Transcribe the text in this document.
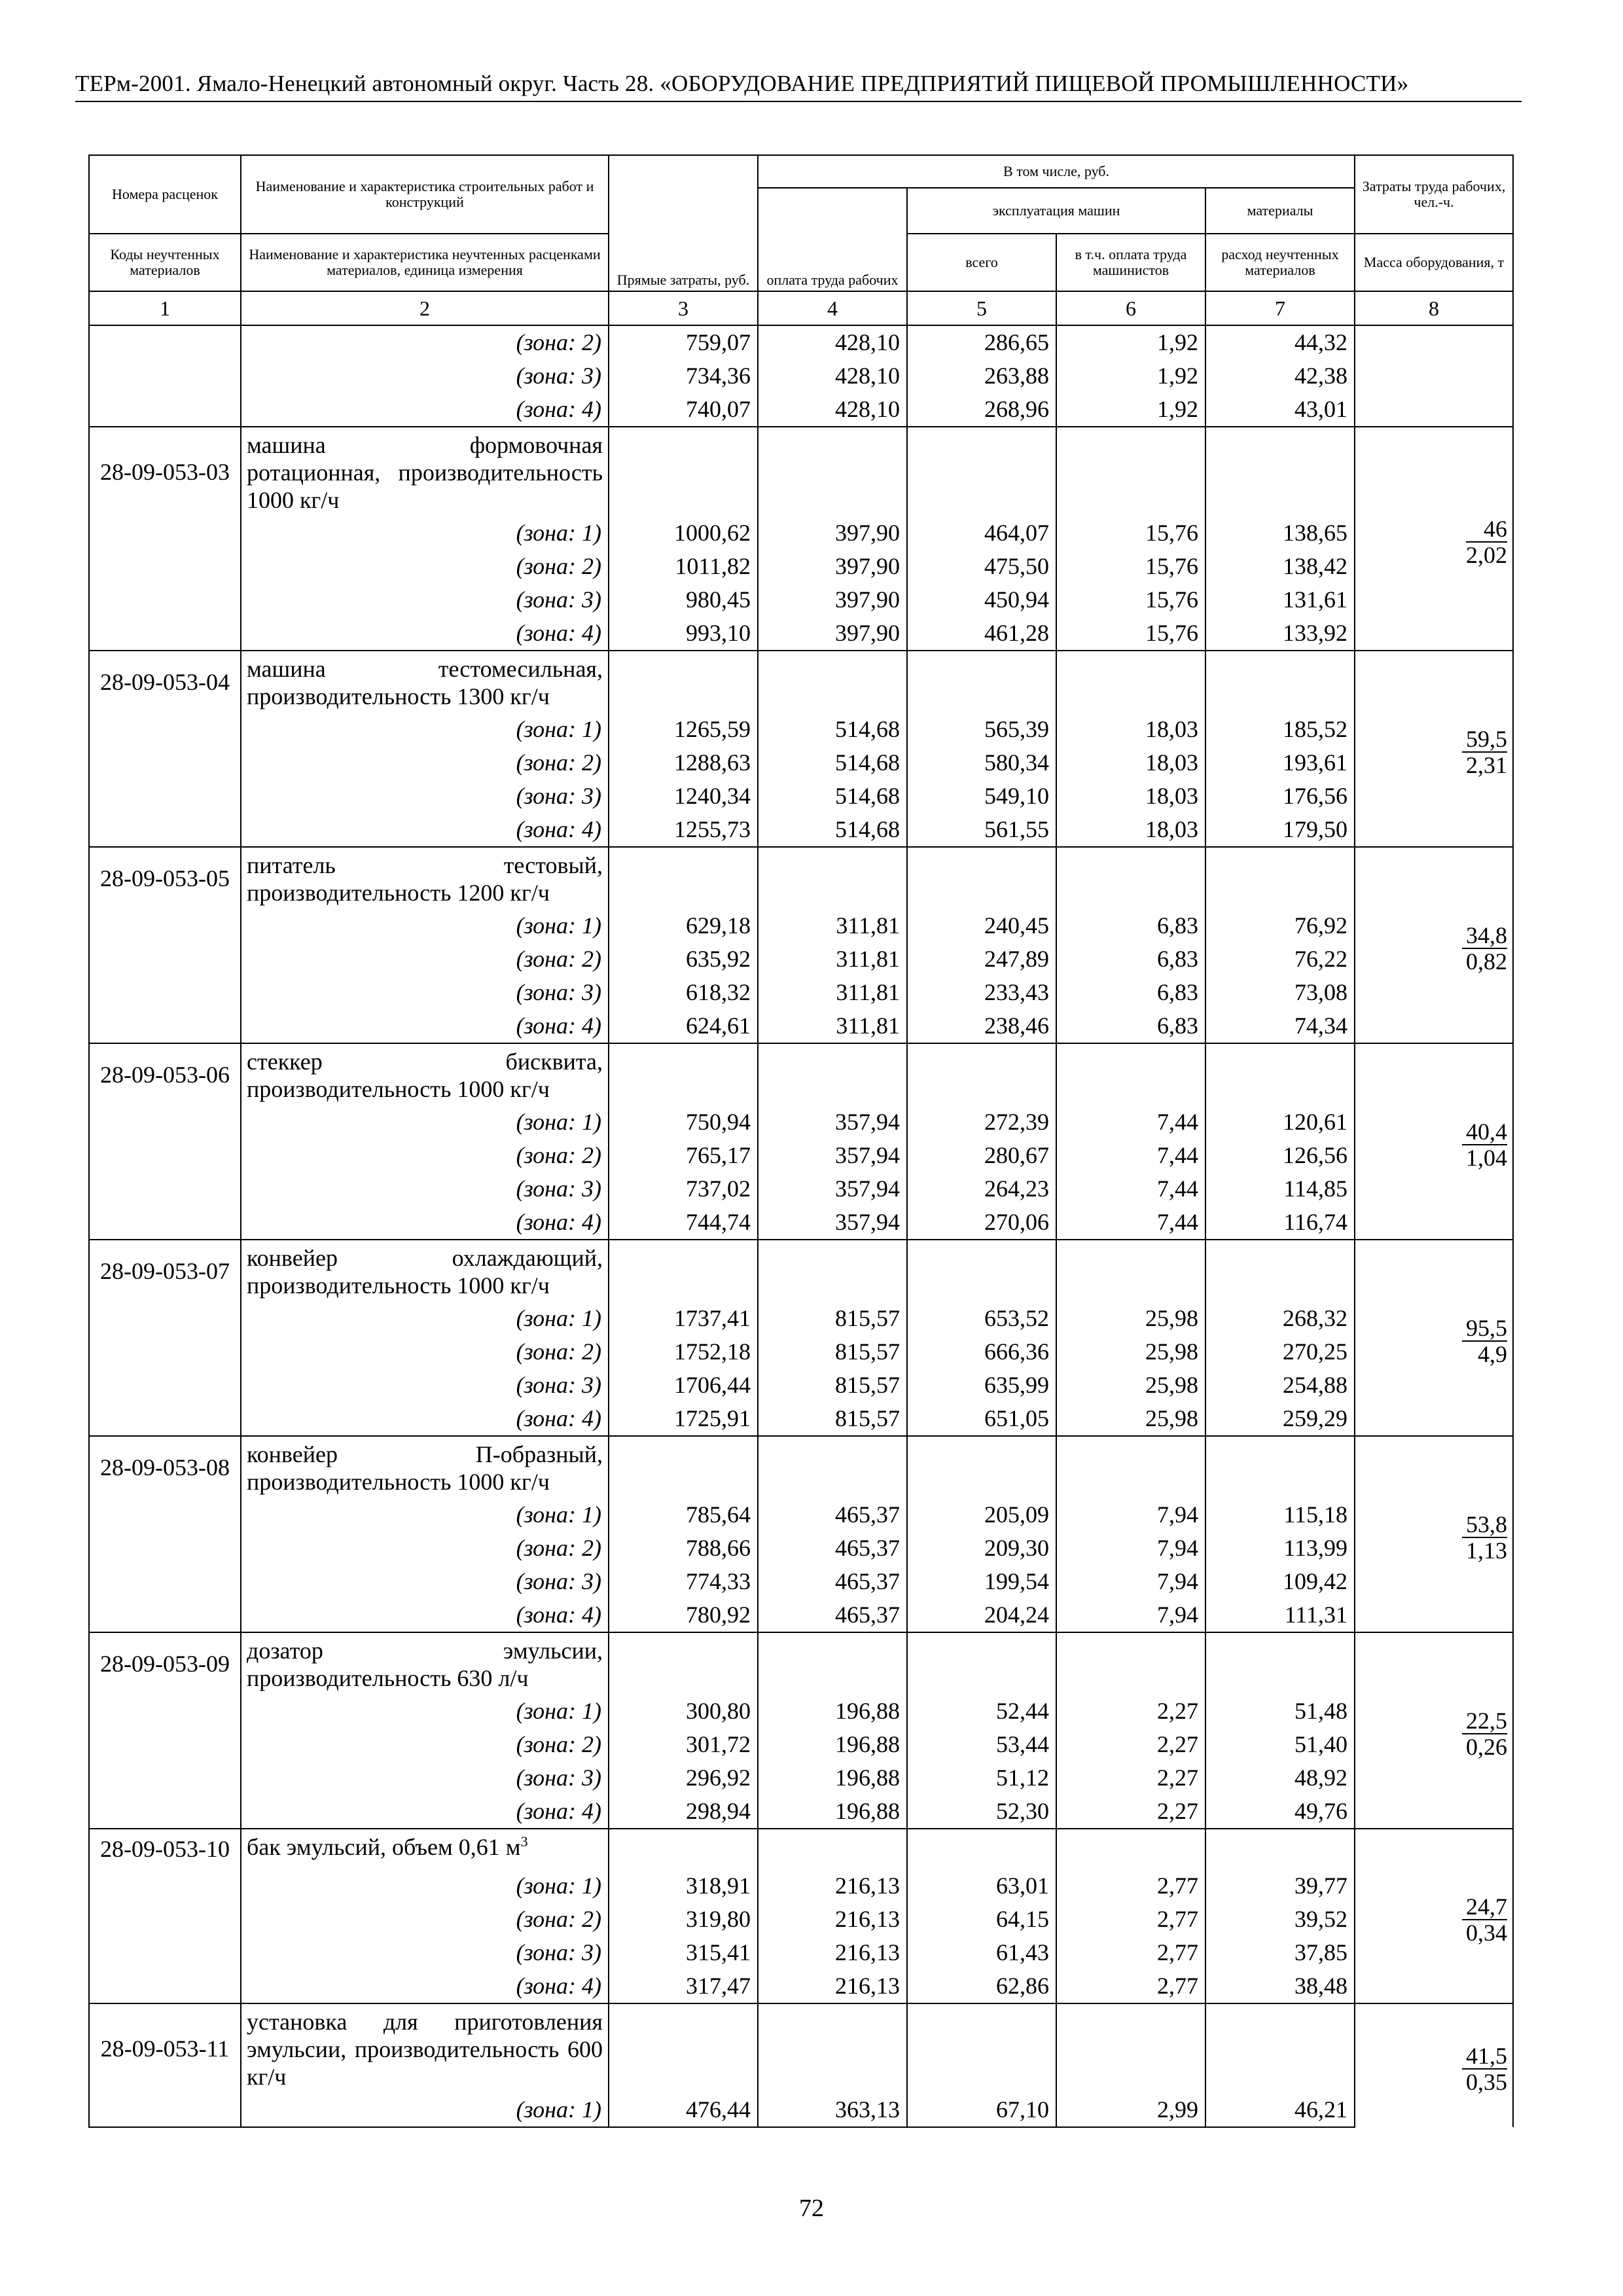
ТЕРм-2001. Ямало-Ненецкий автономный округ. Часть 28. «ОБОРУДОВАНИЕ ПРЕДПРИЯТИЙ ПИЩЕВОЙ ПРОМЫШЛЕННОСТИ»
Номера расценок	Наименование и характеристика строительных работ и конструкций	Прямые затраты, руб.	В том числе, руб.				Затраты труда рабочих, чел.-ч.
			оплата труда рабочих	эксплуатация машин		материалы	

Коды неучтенных материалов	Наименование и характеристика неучтенных расценками материалов, единица измерения			всего	в т.ч. оплата труда машинистов	расход неучтенных материалов	Масса оборудования, т

1	2	3	4	5	6	7	8
	(зона: 2)	759,07	428,10	286,65	1,92	44,32	
	(зона: 3)	734,36	428,10	263,88	1,92	42,38	
	(зона: 4)	740,07	428,10	268,96	1,92	43,01	
28-09-053-03	машина формовочная ротационная, производительность 1000 кг/ч						$\frac{46}{2,02}$

	(зона: 1)	1000,62	397,90	464,07	15,76	138,65	
	(зона: 2)	1011,82	397,90	475,50	15,76	138,42	
	(зона: 3)	980,45	397,90	450,94	15,76	131,61	
	(зона: 4)	993,10	397,90	461,28	15,76	133,92	
28-09-053-04	машина тестомесильная, производительность 1300 кг/ч						$\frac{59,5}{2,31}$

	(зона: 1)	1265,59	514,68	565,39	18,03	185,52	
	(зона: 2)	1288,63	514,68	580,34	18,03	193,61	
	(зона: 3)	1240,34	514,68	549,10	18,03	176,56	
	(зона: 4)	1255,73	514,68	561,55	18,03	179,50	
28-09-053-05	питатель тестовый, производительность 1200 кг/ч						$\frac{34,8}{0,82}$

	(зона: 1)	629,18	311,81	240,45	6,83	76,92	
	(зона: 2)	635,92	311,81	247,89	6,83	76,22	
	(зона: 3)	618,32	311,81	233,43	6,83	73,08	
	(зона: 4)	624,61	311,81	238,46	6,83	74,34	
28-09-053-06	стеккер бисквита, производительность 1000 кг/ч						$\frac{40,4}{1,04}$

	(зона: 1)	750,94	357,94	272,39	7,44	120,61	
	(зона: 2)	765,17	357,94	280,67	7,44	126,56	
	(зона: 3)	737,02	357,94	264,23	7,44	114,85	
	(зона: 4)	744,74	357,94	270,06	7,44	116,74	
28-09-053-07	конвейер охлаждающий, производительность 1000 кг/ч						$\frac{95,5}{4,9}$

	(зона: 1)	1737,41	815,57	653,52	25,98	268,32	
	(зона: 2)	1752,18	815,57	666,36	25,98	270,25	
	(зона: 3)	1706,44	815,57	635,99	25,98	254,88	
	(зона: 4)	1725,91	815,57	651,05	25,98	259,29	
28-09-053-08	конвейер П-образный, производительность 1000 кг/ч						$\frac{53,8}{1,13}$

	(зона: 1)	785,64	465,37	205,09	7,94	115,18	
	(зона: 2)	788,66	465,37	209,30	7,94	113,99	
	(зона: 3)	774,33	465,37	199,54	7,94	109,42	
	(зона: 4)	780,92	465,37	204,24	7,94	111,31	
28-09-053-09	дозатор эмульсии, производительность 630 л/ч						$\frac{22,5}{0,26}$

	(зона: 1)	300,80	196,88	52,44	2,27	51,48	
	(зона: 2)	301,72	196,88	53,44	2,27	51,40	
	(зона: 3)	296,92	196,88	51,12	2,27	48,92	
	(зона: 4)	298,94	196,88	52,30	2,27	49,76	
28-09-053-10	бак эмульсий, объем 0,61 $м^3$						$\frac{24,7}{0,34}$

	(зона: 1)	318,91	216,13	63,01	2,77	39,77	
	(зона: 2)	319,80	216,13	64,15	2,77	39,52	
	(зона: 3)	315,41	216,13	61,43	2,77	37,85	
	(зона: 4)	317,47	216,13	62,86	2,77	38,48	
28-09-053-11	установка для приготовления эмульсии, производительность 600 кг/ч						$\frac{41,5}{0,35}$

	(зона: 1)	476,44	363,13	67,10	2,99	46,21	
72
